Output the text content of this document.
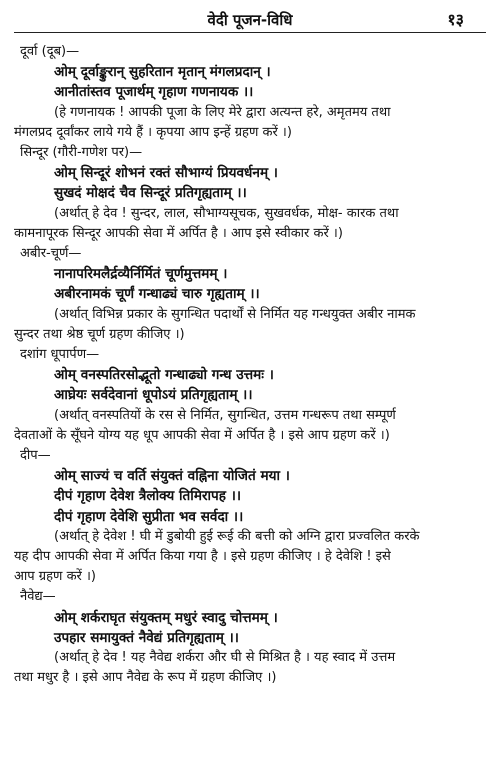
वेदी पूजन-विधि	१३
दूर्वा (दूब)—
ओम् दूर्वाङ्कुरान् सुहरितान मृतान् मंगलप्रदान् ।
आनीतांस्तव पूजार्थम् गृहाण गणनायक ।।
(हे गणनायक ! आपकी पूजा के लिए मेरे द्वारा अत्यन्त हरे, अमृतमय तथा
मंगलप्रद दूर्वांकर लाये गये हैं । कृपया आप इन्हें ग्रहण करें ।)
सिन्दूर (गौरी-गणेश पर)—
ओम् सिन्दूरं शोभनं रक्तं सौभाग्यं प्रियवर्धनम् ।
सुखदं मोक्षदं चैव सिन्दूरं प्रतिगृह्यताम् ।।
(अर्थात् हे देव ! सुन्दर, लाल, सौभाग्यसूचक, सुखवर्धक, मोक्ष- कारक तथा
कामनापूरक सिन्दूर आपकी सेवा में अर्पित है । आप इसे स्वीकार करें ।)
अबीर-चूर्ण—
नानापरिमलैर्द्रव्यैर्निर्मितं चूर्णमुत्तमम् ।
अबीरनामकं चूर्णं गन्धाढ्यं चारु गृह्यताम् ।।
(अर्थात् विभिन्न प्रकार के सुगन्धित पदार्थों से निर्मित यह गन्धयुक्त अबीर नामक
सुन्दर तथा श्रेष्ठ चूर्ण ग्रहण कीजिए ।)
दशांग धूपार्पण—
ओम् वनस्पतिरसोद्भूतो गन्धाढ्यो गन्ध उत्तमः ।
आघ्रेयः सर्वदेवानां धूपोऽयं प्रतिगृह्यताम् ।।
(अर्थात् वनस्पतियों के रस से निर्मित, सुगन्धित, उत्तम गन्धरूप तथा सम्पूर्ण
देवताओं के सूँघने योग्य यह धूप आपकी सेवा में अर्पित है । इसे आप ग्रहण करें ।)
दीप—
ओम् साज्यं च वर्ति संयुक्तं वह्निना योजितं मया ।
दीपं गृहाण देवेश त्रैलोक्य तिमिरापह ।।
दीपं गृहाण देवेशि सुप्रीता भव सर्वदा ।।
(अर्थात् हे देवेश ! घी में डुबोयी हुई रूई की बत्ती को अग्नि द्वारा प्रज्वलित करके
यह दीप आपकी सेवा में अर्पित किया गया है । इसे ग्रहण कीजिए । हे देवेशि ! इसे
आप ग्रहण करें ।)
नैवेद्य—
ओम् शर्कराघृत संयुक्तम् मधुरं स्वादु चोत्तमम् ।
उपहार समायुक्तं नैवेद्यं प्रतिगृह्यताम् ।।
(अर्थात् हे देव ! यह नैवेद्य शर्करा और घी से मिश्रित है । यह स्वाद में उत्तम
तथा मधुर है । इसे आप नैवेद्य के रूप में ग्रहण कीजिए ।)
